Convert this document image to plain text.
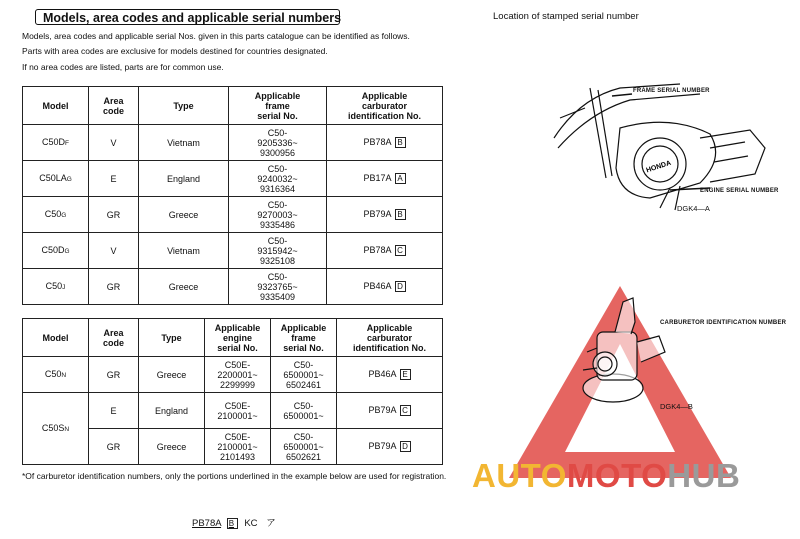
Models, area codes and applicable serial numbers
Models, area codes and applicable serial Nos. given in this parts catalogue can be identified as follows.
Parts with area codes are exclusive for models destined for countries designated.
If no area codes are listed, parts are for common use.
Model	Area
code	Type	Applicable
frame
serial No.	Applicable
carburator
identification No.
C50DF	V	Vietnam	C50-
9205336~
9300956	PB78A B
C50LAG	E	England	C50-
9240032~
9316364	PB17A A
C50G	GR	Greece	C50-
9270003~
9335486	PB79A B
C50DG	V	Vietnam	C50-
9315942~
9325108	PB78A C
C50J	GR	Greece	C50-
9323765~
9335409	PB46A D
Model	Area
code	Type	Applicable
engine
serial No.	Applicable
frame
serial No.	Applicable
carburator
identification No.
C50N	GR	Greece	C50E-
2200001~
2299999	C50-
6500001~
6502461	PB46A E
C50SN	E	England	C50E-
2100001~	C50-
6500001~	PB79A C
	GR	Greece	C50E-
2100001~
2101493	C50-
6500001~
6502621	PB79A D
*Of carburetor identification numbers, only the portions underlined in the example below are used for registration.
PB78A B KC ア
Location of stamped serial number
HONDA
FRAME SERIAL NUMBER
ENGINE SERIAL NUMBER
DGK4—A
CARBURETOR IDENTIFICATION NUMBER
DGK4—B
AUTOMOTOHUB
